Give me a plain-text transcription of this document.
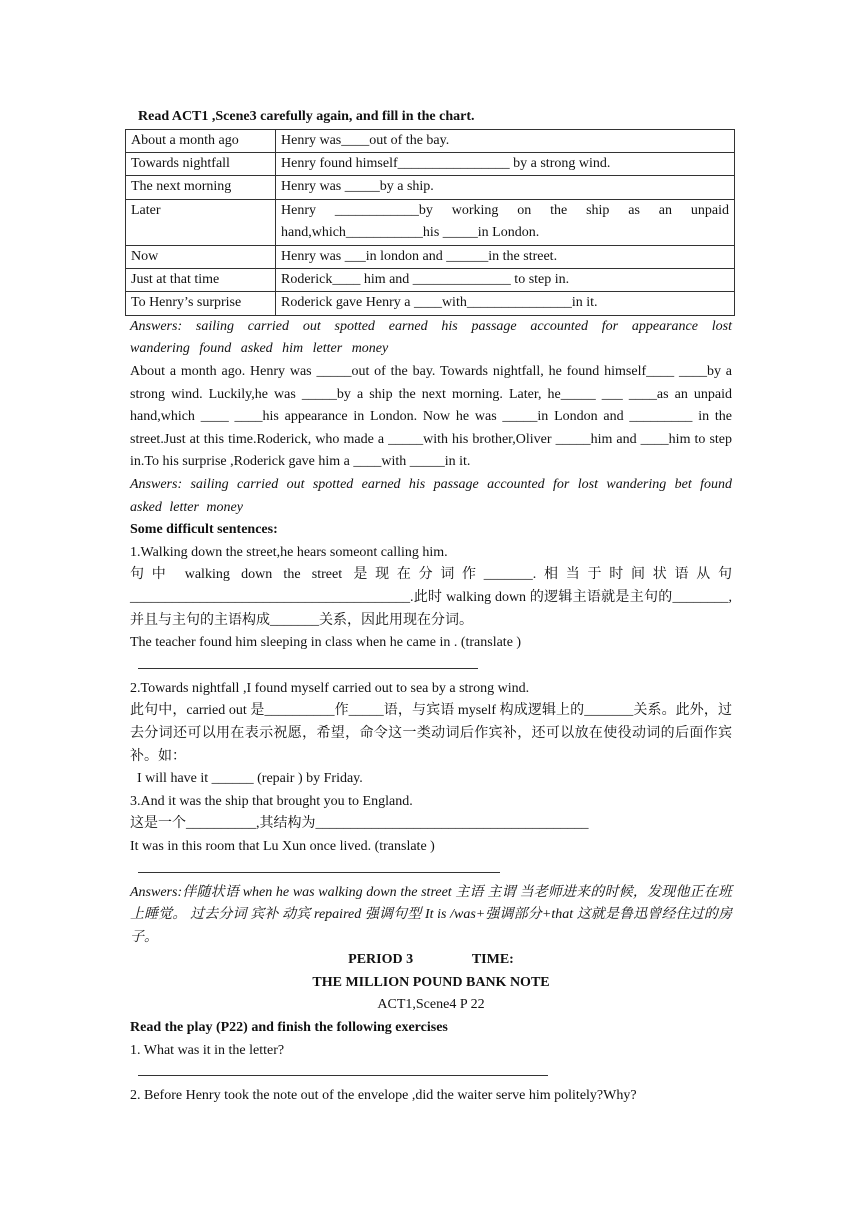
Read ACT1 ,Scene3 carefully again, and fill in the chart.
About a month ago	Henry was____out of the bay.
Towards nightfall	Henry found himself________________ by a strong wind.
The next morning	Henry was _____by a ship.
Later	Henry ____________by working on the ship as an unpaid hand,which___________his _____in London.
Now	Henry was ___in london and ______in the street.
Just at that time	Roderick____ him and ______________ to step in.
To Henry’s surprise	Roderick gave Henry a ____with_______________in it.
Answers: sailing carried out spotted earned his passage accounted for appearance lost wandering found asked him letter money
About a month ago. Henry was _____out of the bay. Towards nightfall, he found himself____ ____by a strong wind. Luckily,he was _____by a ship the next morning. Later, he_____ ___ ____as an unpaid hand,which ____ ____his appearance in London. Now he was _____in London and _________ in the street.Just at this time.Roderick, who made a _____with his brother,Oliver _____him and ____him to step in.To his surprise ,Roderick gave him a ____with _____in it.
Answers: sailing carried out spotted earned his passage accounted for lost wandering bet found asked letter money
Some difficult sentences:
1.Walking down the street,he hears someont calling him.
句中 walking down the street 是现在分词作_______.相当于时间状语从句________________________________________.此时 walking down 的逻辑主语就是主句的________,并且与主句的主语构成_______关系，因此用现在分词。
The teacher found him sleeping in class when he came in . (translate )
2.Towards nightfall ,I found myself carried out to sea by a strong wind.
此句中，carried out 是__________作_____语，与宾语 myself 构成逻辑上的_______关系。此外，过去分词还可以用在表示祝愿，希望，命令这一类动词后作宾补，还可以放在使役动词的后面作宾补。如：
I will have it ______ (repair ) by Friday.
3.And it was the ship that brought you to England.
这是一个__________,其结构为_______________________________________
It was in this room that Lu Xun once lived. (translate )
Answers:伴随状语 when he was walking down the street 主语 主谓 当老师进来的时候，发现他正在班上睡觉。 过去分词 宾补 动宾 repaired 强调句型 It is /was+强调部分+that 这就是鲁迅曾经住过的房子。
PERIOD 3	TIME:
THE MILLION POUND BANK NOTE
ACT1,Scene4 P 22
Read the play (P22) and finish the following exercises
1. What was it in the letter?
2. Before Henry took the note out of the envelope ,did the waiter serve him politely?Why?
